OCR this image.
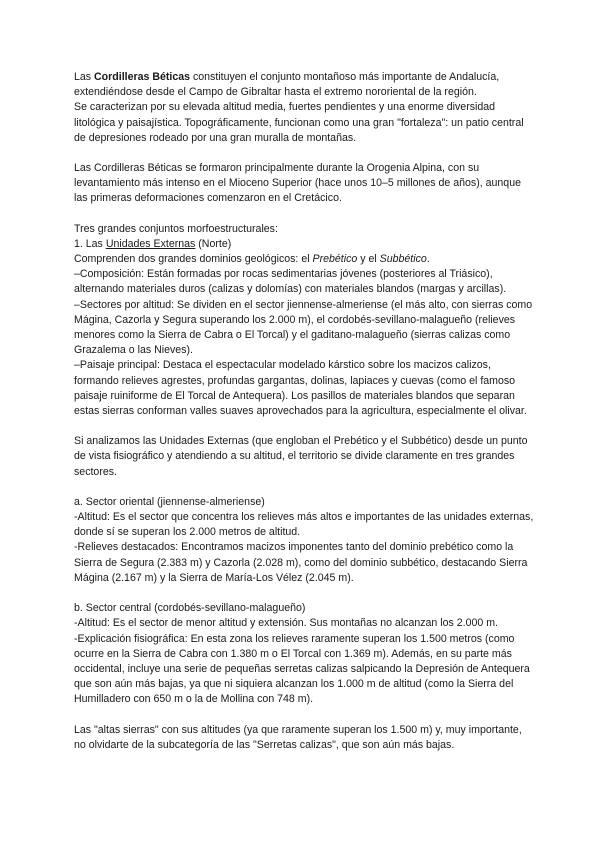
Las Cordilleras Béticas constituyen el conjunto montañoso más importante de Andalucía, extendiéndose desde el Campo de Gibraltar hasta el extremo nororiental de la región.

Se caracterizan por su elevada altitud media, fuertes pendientes y una enorme diversidad litológica y paisajística. Topográficamente, funcionan como una gran "fortaleza": un patio central de depresiones rodeado por una gran muralla de montañas.

Las Cordilleras Béticas se formaron principalmente durante la Orogenia Alpina, con su levantamiento más intenso en el Mioceno Superior (hace unos 10–5 millones de años), aunque las primeras deformaciones comenzaron en el Cretácico.

Tres grandes conjuntos morfoestructurales:

1. Las Unidades Externas (Norte)

Comprenden dos grandes dominios geológicos: el Prebético y el Subbético.

–Composición: Están formadas por rocas sedimentarias jóvenes (posteriores al Triásico), alternando materiales duros (calizas y dolomías) con materiales blandos (margas y arcillas).

–Sectores por altitud: Se dividen en el sector jiennense-almeriense (el más alto, con sierras como Mágina, Cazorla y Segura superando los 2.000 m), el cordobés-sevillano-malagueño (relieves menores como la Sierra de Cabra o El Torcal) y el gaditano-malagueño (sierras calizas como Grazalema o las Nieves).

–Paisaje principal: Destaca el espectacular modelado kárstico sobre los macizos calizos, formando relieves agrestes, profundas gargantas, dolinas, lapiaces y cuevas (como el famoso paisaje ruiniforme de El Torcal de Antequera). Los pasillos de materiales blandos que separan estas sierras conforman valles suaves aprovechados para la agricultura, especialmente el olivar.

Si analizamos las Unidades Externas (que engloban el Prebético y el Subbético) desde un punto de vista fisiográfico y atendiendo a su altitud, el territorio se divide claramente en tres grandes sectores.

a. Sector oriental (jiennense-almeriense)

-Altitud: Es el sector que concentra los relieves más altos e importantes de las unidades externas, donde sí se superan los 2.000 metros de altitud.

-Relieves destacados: Encontramos macizos imponentes tanto del dominio prebético como la Sierra de Segura (2.383 m) y Cazorla (2.028 m), como del dominio subbético, destacando Sierra Mágina (2.167 m) y la Sierra de María-Los Vélez (2.045 m).

b. Sector central (cordobés-sevillano-malagueño)

-Altitud: Es el sector de menor altitud y extensión. Sus montañas no alcanzan los 2.000 m.

-Explicación fisiográfica: En esta zona los relieves raramente superan los 1.500 metros (como ocurre en la Sierra de Cabra con 1.380 m o El Torcal con 1.369 m). Además, en su parte más occidental, incluye una serie de pequeñas serretas calizas salpicando la Depresión de Antequera que son aún más bajas, ya que ni siquiera alcanzan los 1.000 m de altitud (como la Sierra del Humilladero con 650 m o la de Mollina con 748 m).

Las "altas sierras" con sus altitudes (ya que raramente superan los 1.500 m) y, muy importante, no olvidarte de la subcategoría de las "Serretas calizas", que son aún más bajas.
